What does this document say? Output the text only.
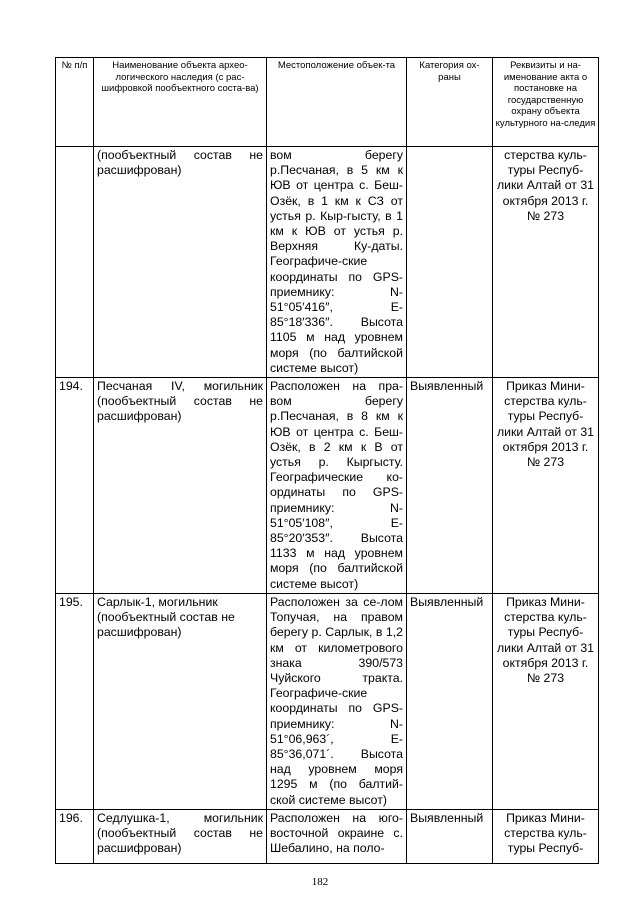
№ п/п	Наименование объекта архео-логического наследия (с рас-шифровкой пообъектного соста-ва)	Местоположение объек-та	Категория ох-раны	Реквизиты и на-именование акта о постановке на государственную охрану объекта культурного на-следия
	(пообъектный состав не расшифрован)	вом берегу р.Песчаная, в 5 км к ЮВ от центра с. Беш-Озёк, в 1 км к СЗ от устья р. Кыр-гысту, в 1 км к ЮВ от устья р. Верхняя Ку-даты. Географиче-ские координаты по GPS-приемнику: N-51°05′416″, E-85°18′336″. Высота 1105 м над уровнем моря (по балтийской системе высот)		стерства куль-туры Респуб-лики Алтай от 31 октября 2013 г. № 273
194.	Песчаная IV, могильник (пообъектный состав не расшифрован)	Расположен на пра-вом берегу р.Песчаная, в 8 км к ЮВ от центра с. Беш-Озёк, в 2 км к В от устья р. Кыргысту. Географические ко-ординаты по GPS-приемнику: N-51°05′108″, E-85°20′353″. Высота 1133 м над уровнем моря (по балтийской системе высот)	Выявленный	Приказ Мини-стерства куль-туры Респуб-лики Алтай от 31 октября 2013 г. № 273
195.	Сарлык-1, могильник (пообъектный состав не расшифрован)	Расположен за се-лом Топучая, на правом берегу р. Сарлык, в 1,2 км от километрового знака 390/573 Чуйского тракта. Географиче-ские координаты по GPS-приемнику: N-51°06,963´, E-85°36,071´. Высота над уровнем моря 1295 м (по балтий-ской системе высот)	Выявленный	Приказ Мини-стерства куль-туры Респуб-лики Алтай от 31 октября 2013 г. № 273
196.	Седлушка-1, могильник (пообъектный состав не расшифрован)	Расположен на юго-восточной окраине с. Шебалино, на поло-	Выявленный	Приказ Мини-стерства куль-туры Респуб-
182
